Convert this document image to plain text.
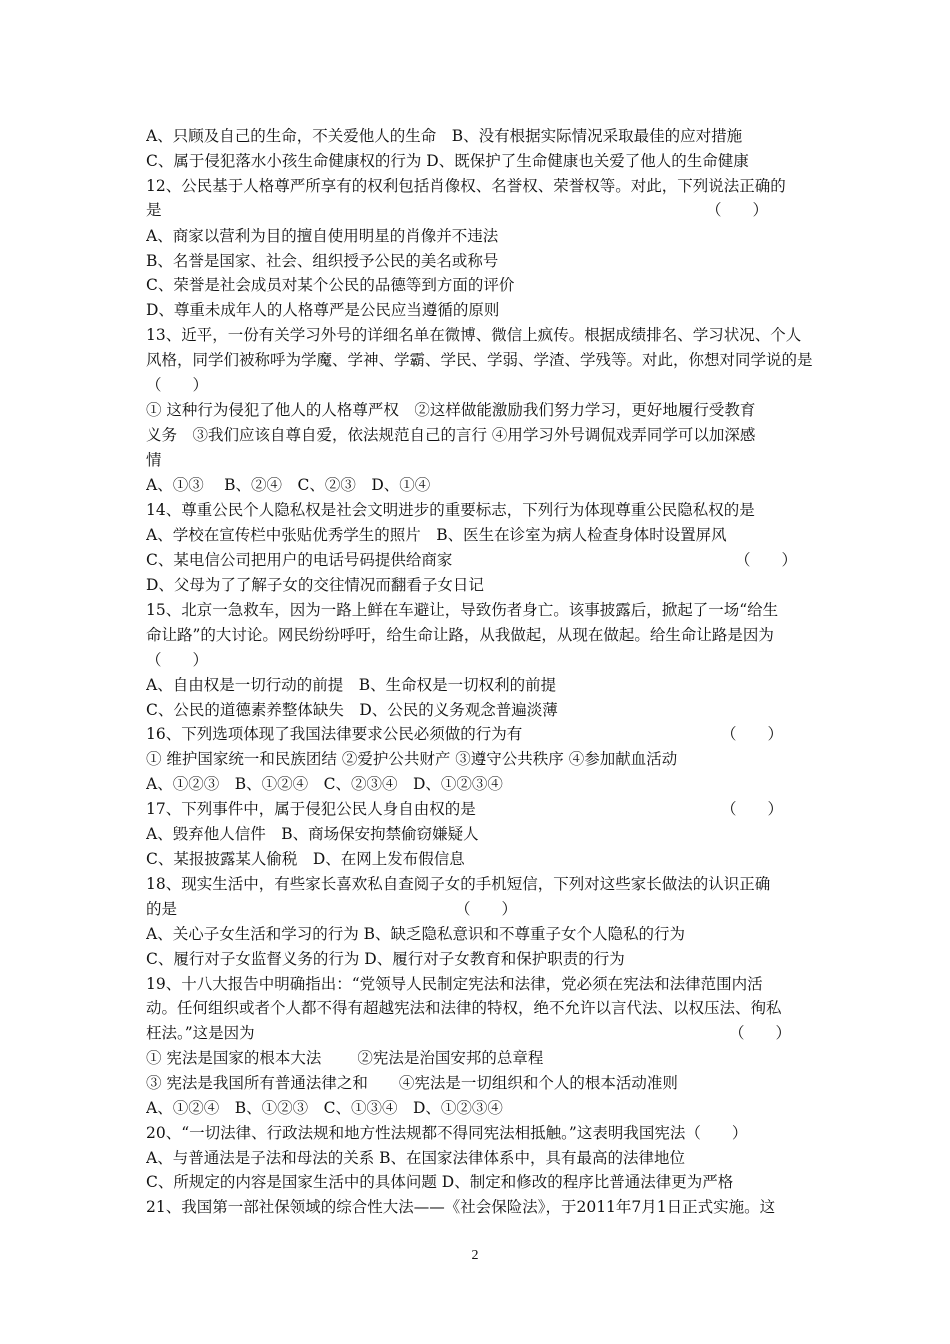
A、只顾及自己的生命，不关爱他人的生命　B、没有根据实际情况采取最佳的应对措施
C、属于侵犯落水小孩生命健康权的行为 D、既保护了生命健康也关爱了他人的生命健康
12、公民基于人格尊严所享有的权利包括肖像权、名誉权、荣誉权等。对此，下列说法正确的
是	（　　）
A、商家以营利为目的擅自使用明星的肖像并不违法
B、名誉是国家、社会、组织授予公民的美名或称号
C、荣誉是社会成员对某个公民的品德等到方面的评价
D、尊重未成年人的人格尊严是公民应当遵循的原则
13、近平，一份有关学习外号的详细名单在微博、微信上疯传。根据成绩排名、学习状况、个人
风格，同学们被称呼为学魔、学神、学霸、学民、学弱、学渣、学残等。对此，你想对同学说的是
（　　）
① 这种行为侵犯了他人的人格尊严权　②这样做能激励我们努力学习，更好地履行受教育
义务　③我们应该自尊自爱，依法规范自己的言行 ④用学习外号调侃戏弄同学可以加深感
情
A、①③　 B、②④　C、②③　D、①④
14、尊重公民个人隐私权是社会文明进步的重要标志，下列行为体现尊重公民隐私权的是
A、学校在宣传栏中张贴优秀学生的照片　B、医生在诊室为病人检查身体时设置屏风
C、某电信公司把用户的电话号码提供给商家	（　　）
D、父母为了了解子女的交往情况而翻看子女日记
15、北京一急救车，因为一路上鲜在车避让，导致伤者身亡。该事披露后，掀起了一场“给生
命让路”的大讨论。网民纷纷呼吁，给生命让路，从我做起，从现在做起。给生命让路是因为
（　　）
A、自由权是一切行动的前提　B、生命权是一切权利的前提
C、公民的道德素养整体缺失　D、公民的义务观念普遍淡薄
16、下列选项体现了我国法律要求公民必须做的行为有	（　　）
① 维护国家统一和民族团结 ②爱护公共财产 ③遵守公共秩序 ④参加献血活动
A、①②③　B、①②④　C、②③④　D、①②③④
17、下列事件中，属于侵犯公民人身自由权的是	（　　）
A、毁弃他人信件　B、商场保安拘禁偷窃嫌疑人
C、某报披露某人偷税　D、在网上发布假信息
18、现实生活中，有些家长喜欢私自查阅子女的手机短信，下列对这些家长做法的认识正确
的是	（　　）
A、关心子女生活和学习的行为 B、缺乏隐私意识和不尊重子女个人隐私的行为
C、履行对子女监督义务的行为 D、履行对子女教育和保护职责的行为
19、十八大报告中明确指出：“党领导人民制定宪法和法律，党必须在宪法和法律范围内活
动。任何组织或者个人都不得有超越宪法和法律的特权，绝不允许以言代法、以权压法、徇私
枉法。”这是因为	（　　）
① 宪法是国家的根本大法　　 ②宪法是治国安邦的总章程
③ 宪法是我国所有普通法律之和　　④宪法是一切组织和个人的根本活动准则
A、①②④　B、①②③　C、①③④　D、①②③④
20、“一切法律、行政法规和地方性法规都不得同宪法相抵触。”这表明我国宪法（　　）
A、与普通法是子法和母法的关系 B、在国家法律体系中，具有最高的法律地位
C、所规定的内容是国家生活中的具体问题 D、制定和修改的程序比普通法律更为严格
21、我国第一部社保领域的综合性大法——《社会保险法》，于2011年7月1日正式实施。这
2
